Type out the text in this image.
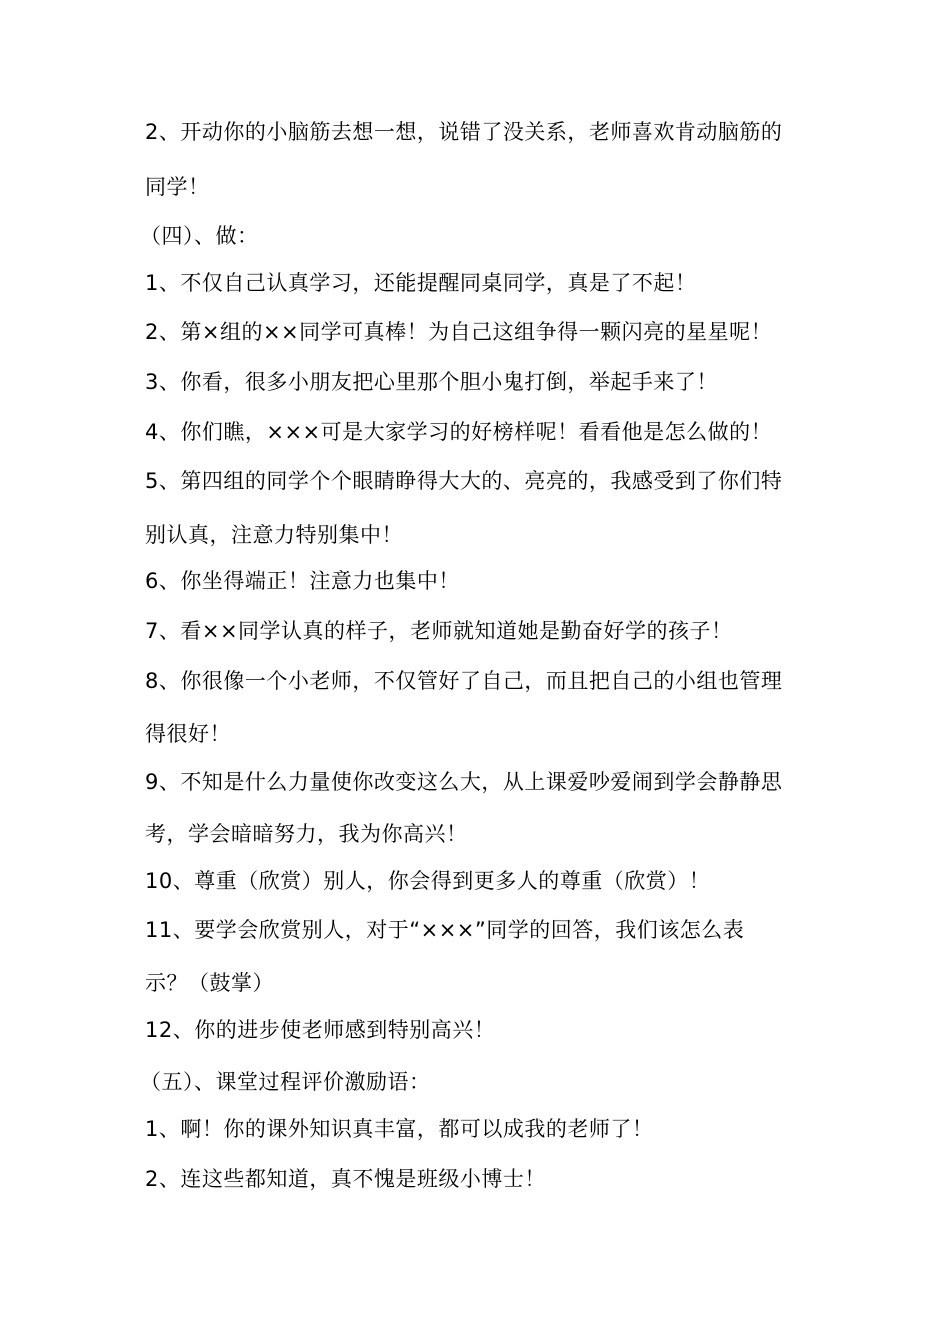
2、开动你的小脑筋去想一想，说错了没关系，老师喜欢肯动脑筋的
同学！
（四）、做：
1、不仅自己认真学习，还能提醒同桌同学，真是了不起！
2、第×组的××同学可真棒！为自己这组争得一颗闪亮的星星呢！
3、你看，很多小朋友把心里那个胆小鬼打倒，举起手来了！
4、你们瞧，×××可是大家学习的好榜样呢！看看他是怎么做的！
5、第四组的同学个个眼睛睁得大大的、亮亮的，我感受到了你们特
别认真，注意力特别集中！
6、你坐得端正！注意力也集中！
7、看××同学认真的样子，老师就知道她是勤奋好学的孩子！
8、你很像一个小老师，不仅管好了自己，而且把自己的小组也管理
得很好！
9、不知是什么力量使你改变这么大，从上课爱吵爱闹到学会静静思
考，学会暗暗努力，我为你高兴！
10、尊重（欣赏）别人，你会得到更多人的尊重（欣赏）！
11、要学会欣赏别人，对于“×××”同学的回答，我们该怎么表
示？（鼓掌）
12、你的进步使老师感到特别高兴！
（五）、课堂过程评价激励语：
1、啊！你的课外知识真丰富，都可以成我的老师了！
2、连这些都知道，真不愧是班级小博士！
